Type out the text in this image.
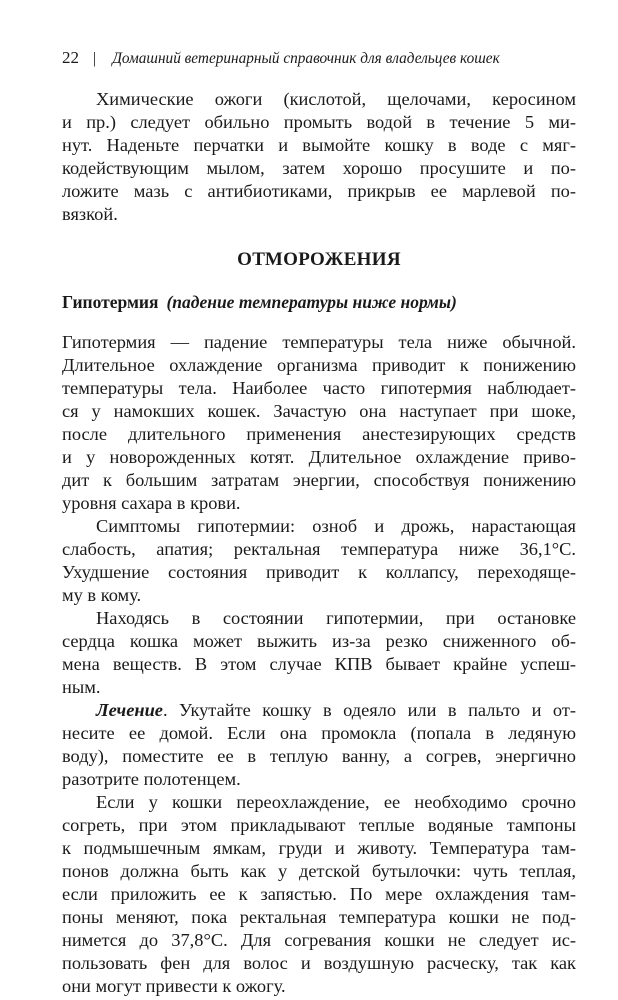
22 | Домашний ветеринарный справочник для владельцев кошек
Химические ожоги (кислотой, щелочами, керосином
и пр.) следует обильно промыть водой в течение 5 ми-
нут. Наденьте перчатки и вымойте кошку в воде с мяг-
кодействующим мылом, затем хорошо просушите и по-
ложите мазь с антибиотиками, прикрыв ее марлевой по-
вязкой.
ОТМОРОЖЕНИЯ
Гипотермия (падение температуры ниже нормы)
Гипотермия — падение температуры тела ниже обычной.
Длительное охлаждение организма приводит к понижению
температуры тела. Наиболее часто гипотермия наблюдает-
ся у намокших кошек. Зачастую она наступает при шоке,
после длительного применения анестезирующих средств
и у новорожденных котят. Длительное охлаждение приво-
дит к большим затратам энергии, способствуя понижению
уровня сахара в крови.
Симптомы гипотермии: озноб и дрожь, нарастающая
слабость, апатия; ректальная температура ниже 36,1°С.
Ухудшение состояния приводит к коллапсу, переходяще-
му в кому.
Находясь в состоянии гипотермии, при остановке
сердца кошка может выжить из-за резко сниженного об-
мена веществ. В этом случае КПВ бывает крайне успеш-
ным.
Лечение. Укутайте кошку в одеяло или в пальто и от-
несите ее домой. Если она промокла (попала в ледяную
воду), поместите ее в теплую ванну, а согрев, энергично
разотрите полотенцем.
Если у кошки переохлаждение, ее необходимо срочно
согреть, при этом прикладывают теплые водяные тампоны
к подмышечным ямкам, груди и животу. Температура там-
понов должна быть как у детской бутылочки: чуть теплая,
если приложить ее к запястью. По мере охлаждения там-
поны меняют, пока ректальная температура кошки не под-
нимется до 37,8°С. Для согревания кошки не следует ис-
пользовать фен для волос и воздушную расческу, так как
они могут привести к ожогу.
